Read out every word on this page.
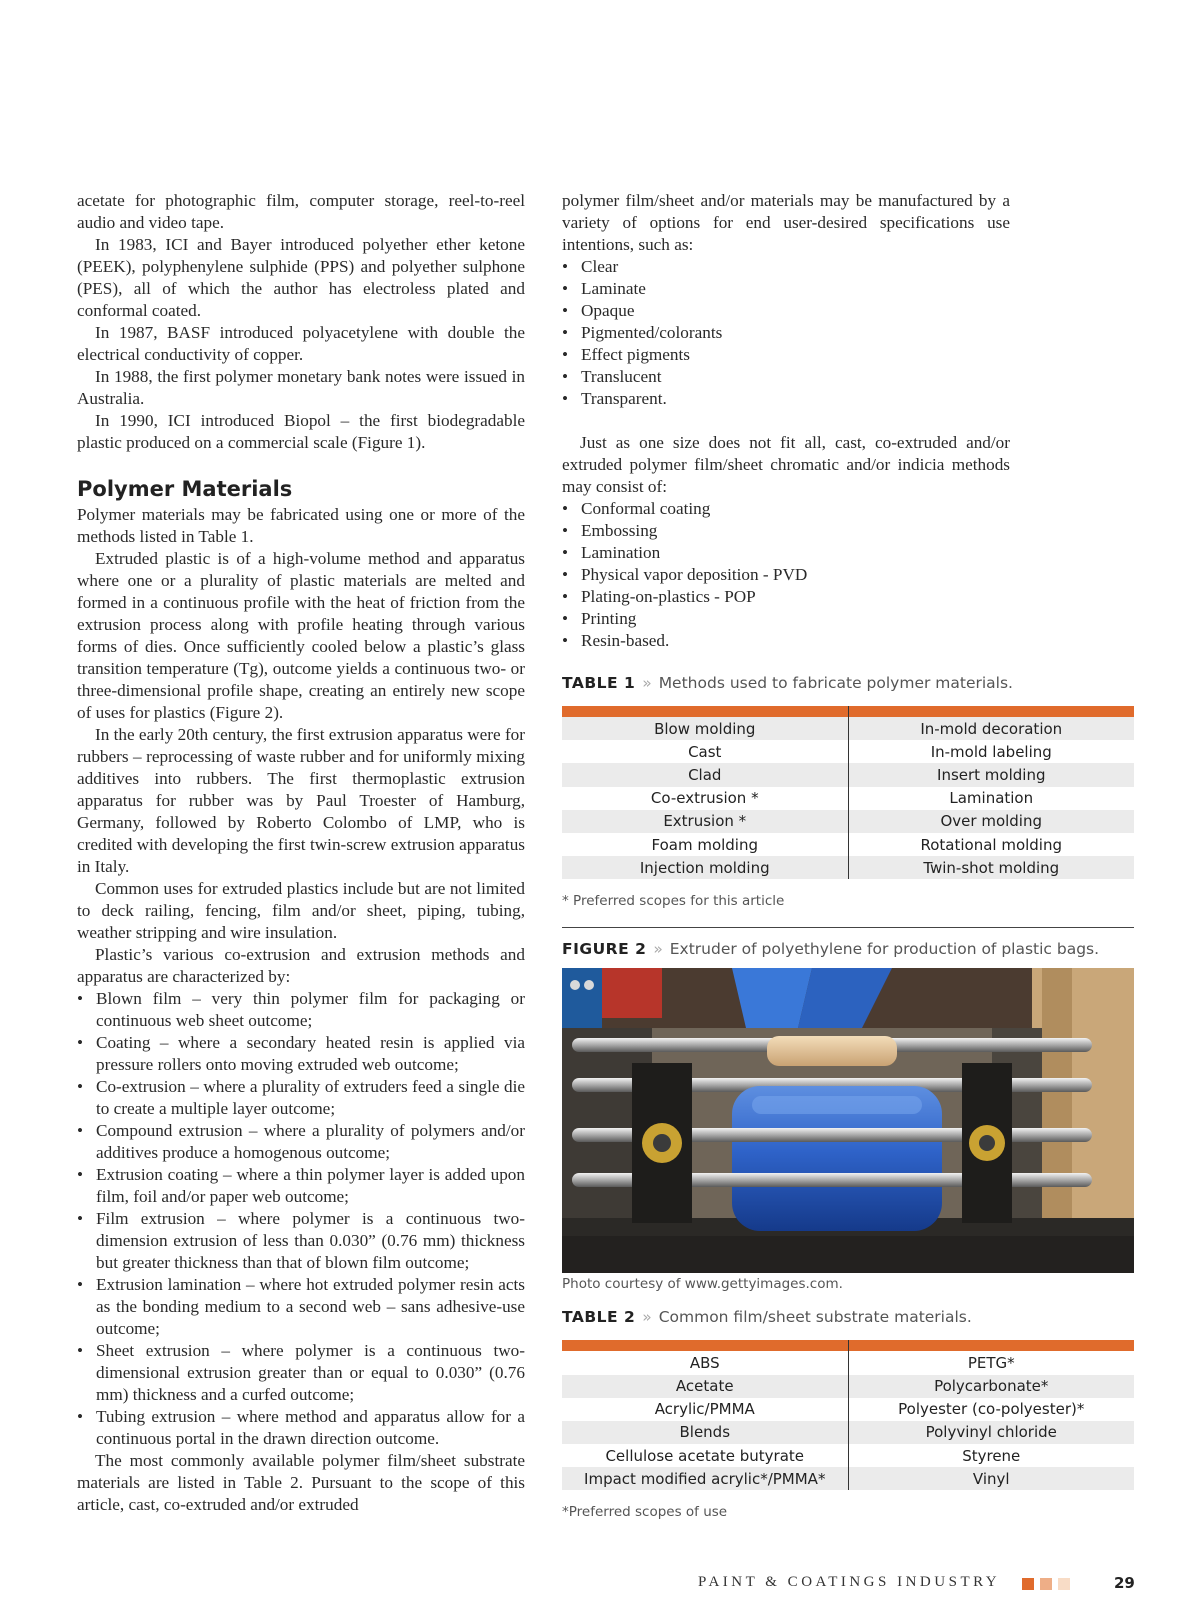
acetate for photographic film, computer storage, reel-to-reel audio and video tape.

In 1983, ICI and Bayer introduced polyether ether ketone (PEEK), polyphenylene sulphide (PPS) and polyether sulphone (PES), all of which the author has electroless plated and conformal coated.

In 1987, BASF introduced polyacetylene with double the electrical conductivity of copper.

In 1988, the first polymer monetary bank notes were issued in Australia.

In 1990, ICI introduced Biopol – the first biodegradable plastic produced on a commercial scale (Figure 1).

Polymer Materials

Polymer materials may be fabricated using one or more of the methods listed in Table 1.

Extruded plastic is of a high-volume method and apparatus where one or a plurality of plastic materials are melted and formed in a continuous profile with the heat of friction from the extrusion process along with profile heating through various forms of dies. Once sufficiently cooled below a plastic’s glass transition temperature (Tg), outcome yields a continuous two- or three-dimensional profile shape, creating an entirely new scope of uses for plastics (Figure 2).

In the early 20th century, the first extrusion apparatus were for rubbers – reprocessing of waste rubber and for uniformly mixing additives into rubbers. The first thermoplastic extrusion apparatus for rubber was by Paul Troester of Hamburg, Germany, followed by Roberto Colombo of LMP, who is credited with developing the first twin-screw extrusion apparatus in Italy.

Common uses for extruded plastics include but are not limited to deck railing, fencing, film and/or sheet, piping, tubing, weather stripping and wire insulation.

Plastic’s various co-extrusion and extrusion methods and apparatus are characterized by:

• Blown film – very thin polymer film for packaging or continuous web sheet outcome;
• Coating – where a secondary heated resin is applied via pressure rollers onto moving extruded web outcome;
• Co-extrusion – where a plurality of extruders feed a single die to create a multiple layer outcome;
• Compound extrusion – where a plurality of polymers and/or additives produce a homogenous outcome;
• Extrusion coating – where a thin polymer layer is added upon film, foil and/or paper web outcome;
• Film extrusion – where polymer is a continuous two-dimension extrusion of less than 0.030” (0.76 mm) thickness but greater thickness than that of blown film outcome;
• Extrusion lamination – where hot extruded polymer resin acts as the bonding medium to a second web – sans adhesive-use outcome;
• Sheet extrusion – where polymer is a continuous two-dimensional extrusion greater than or equal to 0.030” (0.76 mm) thickness and a curfed outcome;
• Tubing extrusion – where method and apparatus allow for a continuous portal in the drawn direction outcome.

The most commonly available polymer film/sheet substrate materials are listed in Table 2. Pursuant to the scope of this article, cast, co-extruded and/or extruded

polymer film/sheet and/or materials may be manufactured by a variety of options for end user-desired specifications use intentions, such as:

• Clear
• Laminate
• Opaque
• Pigmented/colorants
• Effect pigments
• Translucent
• Transparent.

Just as one size does not fit all, cast, co-extruded and/or extruded polymer film/sheet chromatic and/or indicia methods may consist of:

• Conformal coating
• Embossing
• Lamination
• Physical vapor deposition - PVD
• Plating-on-plastics - POP
• Printing
• Resin-based.
TABLE 1 » Methods used to fabricate polymer materials.

Blow molding	In-mold decoration
Cast	In-mold labeling
Clad	Insert molding
Co-extrusion *	Lamination
Extrusion *	Over molding
Foam molding	Rotational molding
Injection molding	Twin-shot molding
* Preferred scopes for this article
FIGURE 2 » Extruder of polyethylene for production of plastic bags.
Photo courtesy of www.gettyimages.com.
TABLE 2 » Common film/sheet substrate materials.

ABS	PETG*
Acetate	Polycarbonate*
Acrylic/PMMA	Polyester (co-polyester)*
Blends	Polyvinyl chloride
Cellulose acetate butyrate	Styrene
Impact modified acrylic*/PMMA*	Vinyl
*Preferred scopes of use
PAINT & COATINGS INDUSTRY	29
